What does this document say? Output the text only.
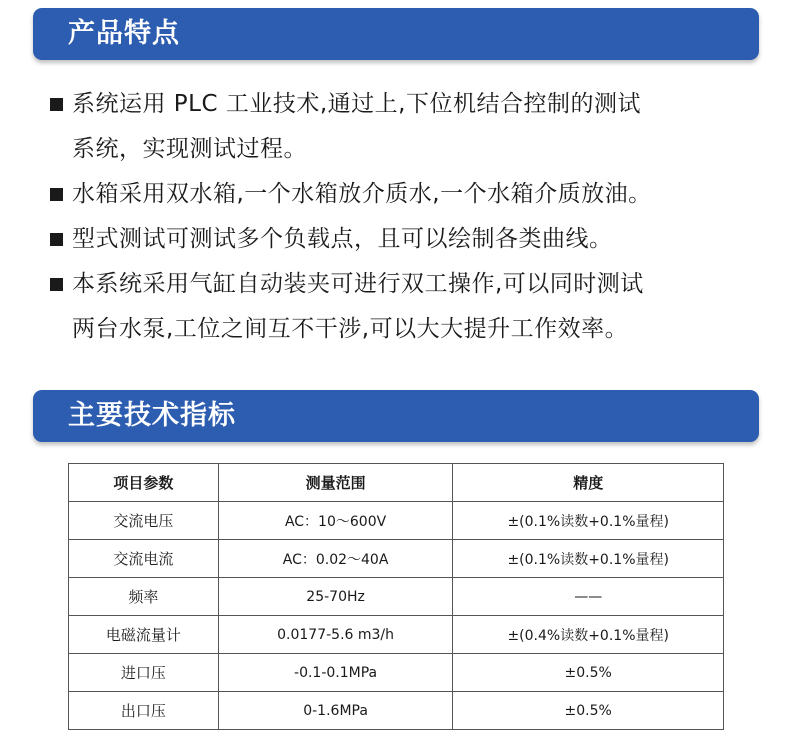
产品特点
系统运用 PLC 工业技术,通过上,下位机结合控制的测试
系统，实现测试过程。
水箱采用双水箱,一个水箱放介质水,一个水箱介质放油。
型式测试可测试多个负载点，且可以绘制各类曲线。
本系统采用气缸自动装夹可进行双工操作,可以同时测试
两台水泵,工位之间互不干涉,可以大大提升工作效率。
主要技术指标
项目参数	测量范围	精度
交流电压	AC：10～600V	±(0.1%读数+0.1%量程)
交流电流	AC：0.02～40A	±(0.1%读数+0.1%量程)
频率	25-70Hz	——
电磁流量计	0.0177-5.6 m3/h	±(0.4%读数+0.1%量程)
进口压	-0.1-0.1MPa	±0.5%
出口压	0-1.6MPa	±0.5%
